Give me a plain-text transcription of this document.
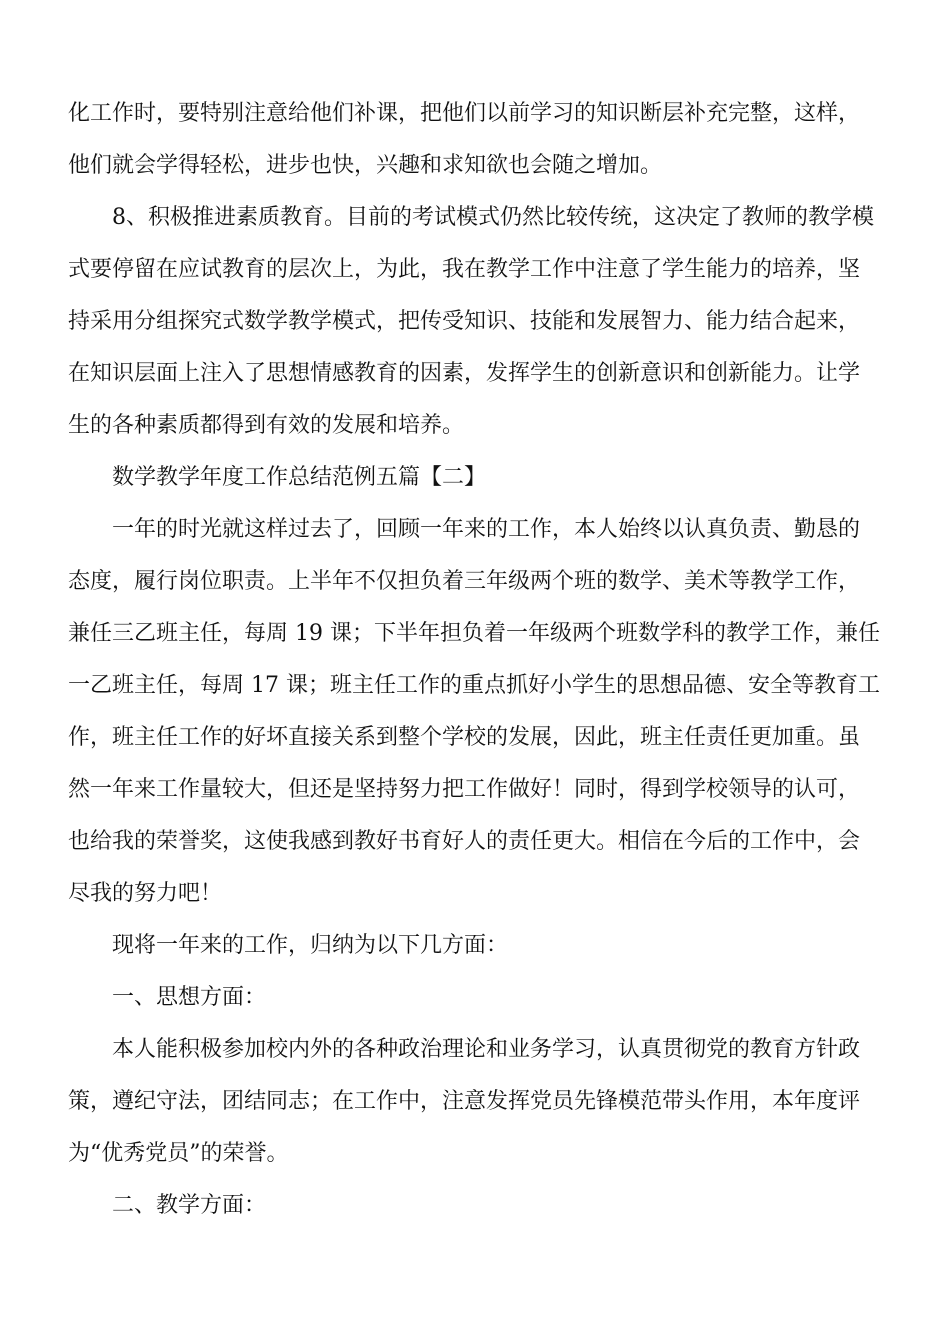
化工作时，要特别注意给他们补课，把他们以前学习的知识断层补充完整，这样，
他们就会学得轻松，进步也快，兴趣和求知欲也会随之增加。
8、积极推进素质教育。目前的考试模式仍然比较传统，这决定了教师的教学模
式要停留在应试教育的层次上，为此，我在教学工作中注意了学生能力的培养，坚
持采用分组探究式数学教学模式，把传受知识、技能和发展智力、能力结合起来，
在知识层面上注入了思想情感教育的因素，发挥学生的创新意识和创新能力。让学
生的各种素质都得到有效的发展和培养。
数学教学年度工作总结范例五篇【二】
一年的时光就这样过去了，回顾一年来的工作，本人始终以认真负责、勤恳的
态度，履行岗位职责。上半年不仅担负着三年级两个班的数学、美术等教学工作，
兼任三乙班主任，每周 19 课；下半年担负着一年级两个班数学科的教学工作，兼任
一乙班主任，每周 17 课；班主任工作的重点抓好小学生的思想品德、安全等教育工
作，班主任工作的好坏直接关系到整个学校的发展，因此，班主任责任更加重。虽
然一年来工作量较大，但还是坚持努力把工作做好！同时，得到学校领导的认可，
也给我的荣誉奖，这使我感到教好书育好人的责任更大。相信在今后的工作中，会
尽我的努力吧！
现将一年来的工作，归纳为以下几方面：
一、思想方面：
本人能积极参加校内外的各种政治理论和业务学习，认真贯彻党的教育方针政
策，遵纪守法，团结同志；在工作中，注意发挥党员先锋模范带头作用，本年度评
为“优秀党员”的荣誉。
二、教学方面：
